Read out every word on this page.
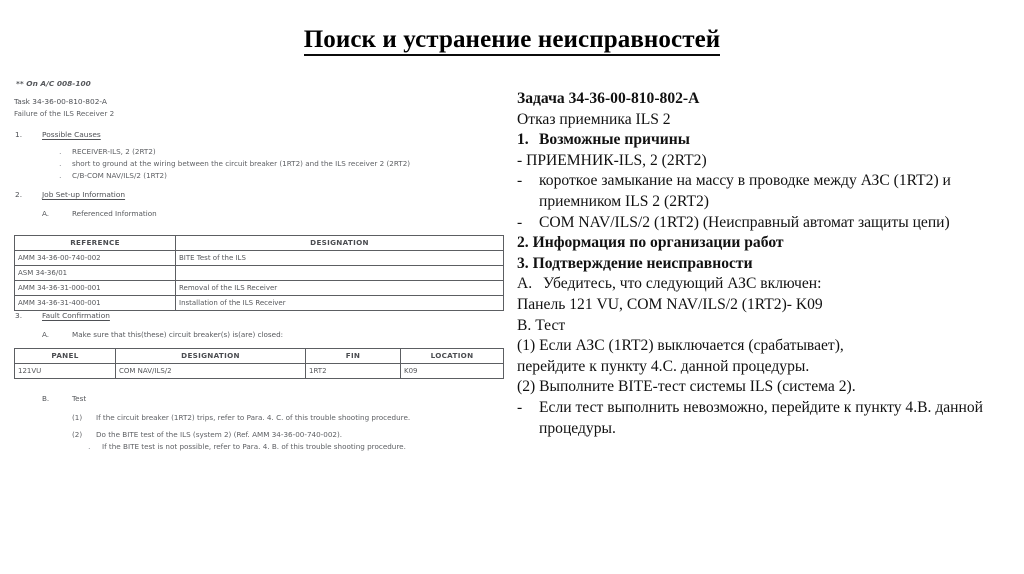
Поиск и устранение неисправностей
** On A/C 008-100
Task 34-36-00-810-802-A
Failure of the ILS Receiver 2
1.	Possible Causes
. RECEIVER-ILS, 2 (2RT2)
. short to ground at the wiring between the circuit breaker (1RT2) and the ILS receiver 2 (2RT2)
. C/B-COM NAV/ILS/2 (1RT2)
2.	Job Set-up Information
A.	Referenced Information
REFERENCE	DESIGNATION
AMM 34-36-00-740-002	BITE Test of the ILS
ASM 34-36/01	
AMM 34-36-31-000-001	Removal of the ILS Receiver
AMM 34-36-31-400-001	Installation of the ILS Receiver
3.	Fault Confirmation
A.	Make sure that this(these) circuit breaker(s) is(are) closed:
PANEL	DESIGNATION	FIN	LOCATION
121VU	COM NAV/ILS/2	1RT2	K09
B.	Test
(1) If the circuit breaker (1RT2) trips, refer to Para. 4. C. of this trouble shooting procedure.
(2) Do the BITE test of the ILS (system 2) (Ref. AMM 34-36-00-740-002).
. If the BITE test is not possible, refer to Para. 4. B. of this trouble shooting procedure.
Задача 34-36-00-810-802-А
Отказ приемника ILS 2
1. Возможные причины
- ПРИЕМНИК-ILS, 2 (2RT2)
-	короткое замыкание на массу в проводке между АЗС (1RT2) и приемником ILS 2 (2RT2)
-	COM NAV/ILS/2 (1RT2) (Неисправный автомат защиты цепи)
2. Информация по организации работ
3. Подтверждение неисправности
А. Убедитесь, что следующий АЗС включен:
Панель 121 VU, COM NAV/ILS/2 (1RT2)- K09
В. Тест
(1) Если АЗС (1RT2) выключается (срабатывает),
перейдите к пункту 4.С. данной процедуры.
(2) Выполните BITE-тест системы ILS (система 2).
-	Если тест выполнить невозможно, перейдите к пункту 4.В. данной процедуры.
